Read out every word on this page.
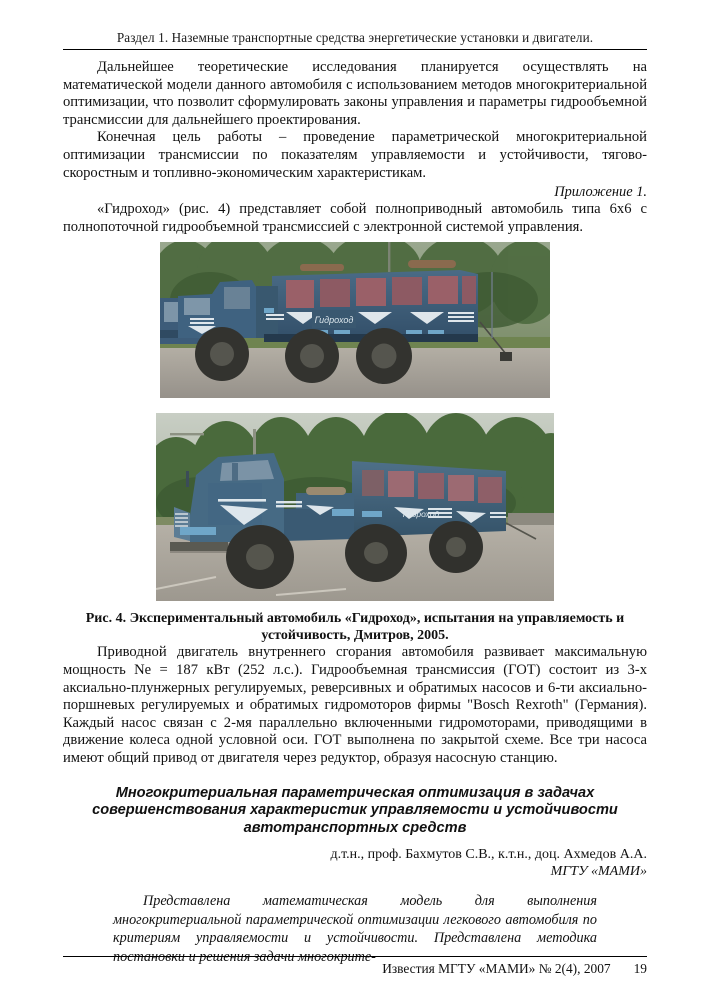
Раздел 1. Наземные транспортные средства энергетические установки и двигатели.

Дальнейшее теоретические исследования планируется осуществлять на математической модели данного автомобиля с использованием методов многокритериальной оптимизации, что позволит сформулировать законы управления и параметры гидрообъемной трансмиссии для дальнейшего проектирования.

Конечная цель работы – проведение параметрической многокритериальной оптимизации трансмиссии по показателям управляемости и устойчивости, тягово-скоростным и топливно-экономическим характеристикам.

Приложение 1.

«Гидроход» (рис. 4) представляет собой полноприводный автомобиль типа 6x6 с полнопоточной гидрообъемной трансмиссией с электронной системой управления.

Гидроход
Гидроход
Рис. 4. Экспериментальный автомобиль «Гидроход», испытания на управляемость и
устойчивость, Дмитров, 2005.

Приводной двигатель внутреннего сгорания автомобиля развивает максимальную мощность Ne = 187 кВт (252 л.с.). Гидрообъемная трансмиссия (ГОТ) состоит из 3-х аксиально-плунжерных регулируемых, реверсивных и обратимых насосов и 6-ти аксиально-поршневых регулируемых и обратимых гидромоторов фирмы "Bosch Rexroth" (Германия). Каждый насос связан с 2-мя параллельно включенными гидромоторами, приводящими в движение колеса одной условной оси. ГОТ выполнена по закрытой схеме. Все три насоса имеют общий привод от двигателя через редуктор, образуя насосную станцию.

Многокритериальная параметрическая оптимизация в задачах
совершенствования характеристик управляемости и устойчивости
автотранспортных средств

д.т.н., проф. Бахмутов С.В., к.т.н., доц. Ахмедов А.А.

МГТУ «МАМИ»

Представлена математическая модель для выполнения многокритериальной параметрической оптимизации легкового автомобиля по критериям управляемости и устойчивости. Представлена методика постановки и решения задачи многокрите-

Известия МГТУ «МАМИ» № 2(4), 2007 19
